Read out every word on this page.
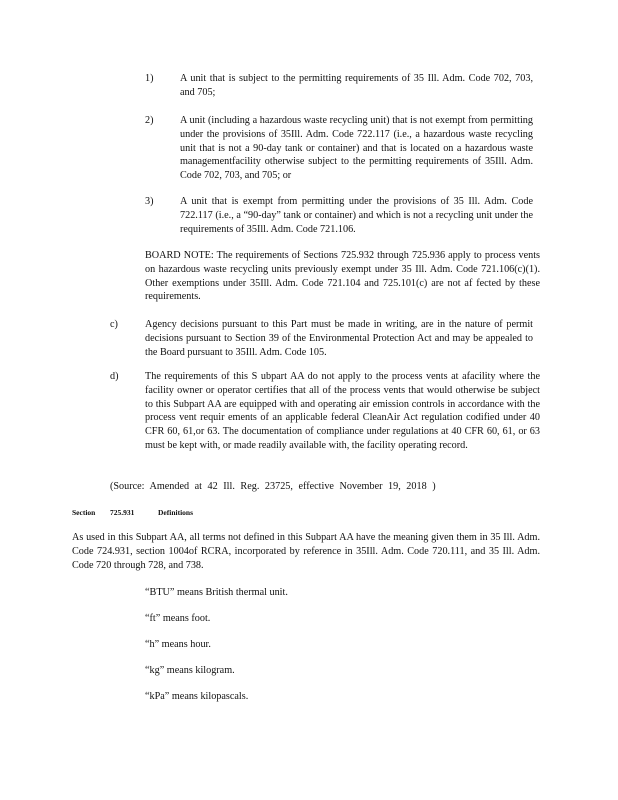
1)	A unit that is subject to the permitting requirements of 35 Ill. Adm. Code 702, 703, and 705;
2)	A unit (including a hazardous waste recycling unit) that is not exempt from permitting under the provisions of 35Ill. Adm. Code 722.117 (i.e., a hazardous waste recycling unit that is not a 90-day tank or container) and that is located on a hazardous waste managementfacility otherwise subject to the permitting requirements of 35Ill. Adm. Code 702, 703, and 705; or
3)	A unit that is exempt from permitting under the provisions of 35 Ill. Adm. Code 722.117 (i.e., a “90-day” tank or container) and which is not a recycling unit under the requirements of 35Ill. Adm. Code 721.106.
BOARD NOTE: The requirements of Sections 725.932 through 725.936 apply to process vents on hazardous waste recycling units previously exempt under 35 Ill. Adm. Code 721.106(c)(1). Other exemptions under 35Ill. Adm. Code 721.104 and 725.101(c) are not af fected by these requirements.
c)	Agency decisions pursuant to this Part must be made in writing, are in the nature of permit decisions pursuant to Section 39 of the Environmental Protection Act and may be appealed to the Board pursuant to 35Ill. Adm. Code 105.
d)	The requirements of this S ubpart AA do not apply to the process vents at afacility where the facility owner or operator certifies that all of the process vents that would otherwise be subject to this Subpart AA are equipped with and operating air emission controls in accordance with the process vent requir ements of an applicable federal CleanAir Act regulation codified under 40 CFR 60, 61,or 63. The documentation of compliance under regulations at 40 CFR 60, 61, or 63 must be kept with, or made readily available with, the facility operating record.
(Source: Amended at 42 Ill. Reg. 23725, effective November 19, 2018 )
Section 725.931	Definitions
As used in this Subpart AA, all terms not defined in this Subpart AA have the meaning given them in 35 Ill. Adm. Code 724.931, section 1004of RCRA, incorporated by reference in 35Ill. Adm. Code 720.111, and 35 Ill. Adm. Code 720 through 728, and 738.
“BTU” means British thermal unit.
“ft” means foot.
“h” means hour.
“kg” means kilogram.
“kPa” means kilopascals.
